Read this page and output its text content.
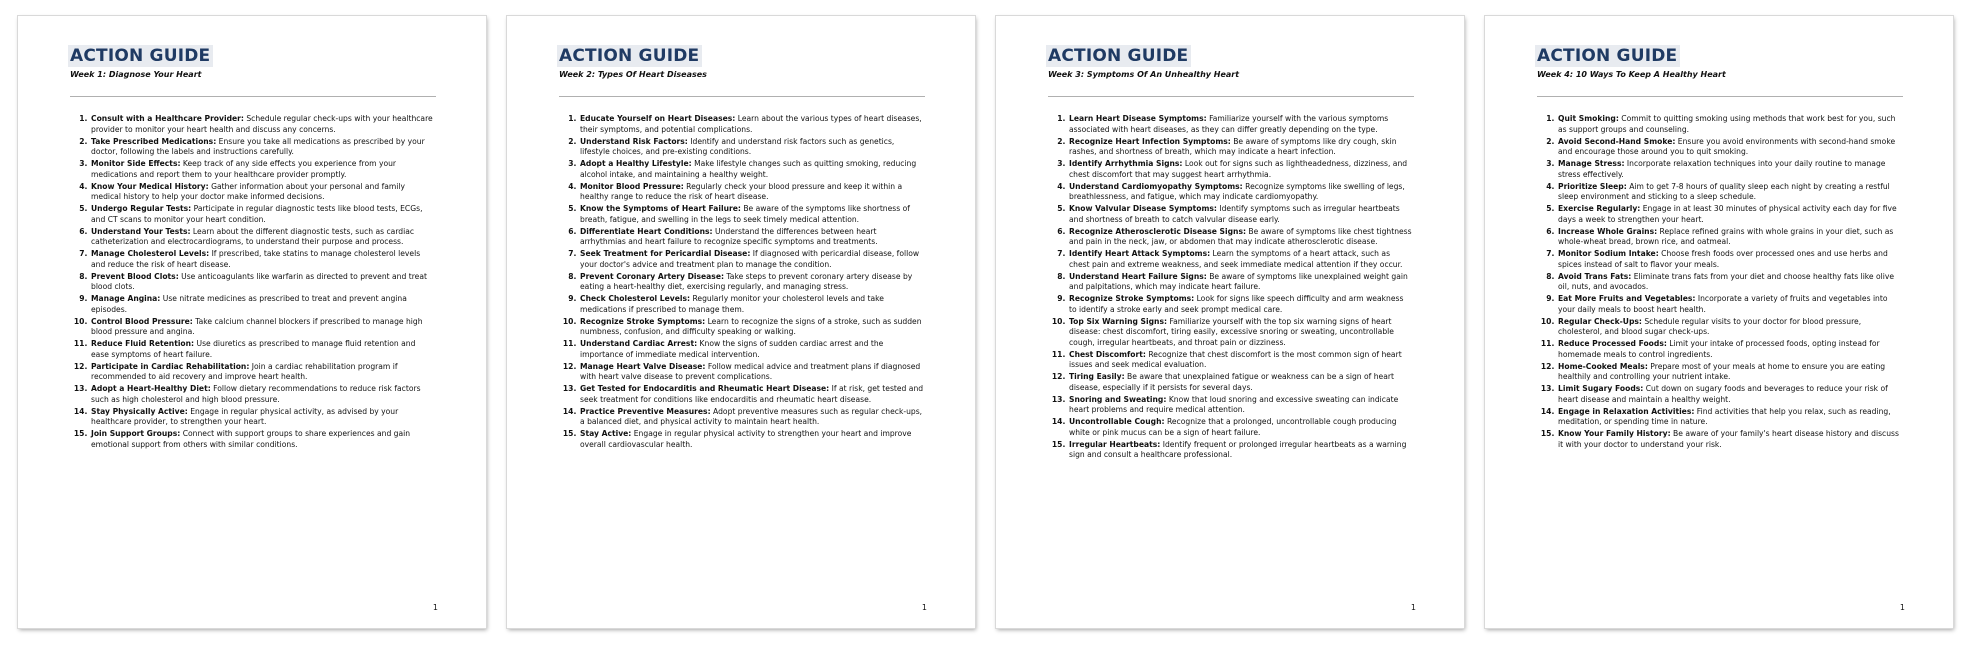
ACTION GUIDE
Week 1: Diagnose Your Heart
1. Consult with a Healthcare Provider: Schedule regular check-ups with your healthcare provider to monitor your heart health and discuss any concerns.
2. Take Prescribed Medications: Ensure you take all medications as prescribed by your doctor, following the labels and instructions carefully.
3. Monitor Side Effects: Keep track of any side effects you experience from your medications and report them to your healthcare provider promptly.
4. Know Your Medical History: Gather information about your personal and family medical history to help your doctor make informed decisions.
5. Undergo Regular Tests: Participate in regular diagnostic tests like blood tests, ECGs, and CT scans to monitor your heart condition.
6. Understand Your Tests: Learn about the different diagnostic tests, such as cardiac catheterization and electrocardiograms, to understand their purpose and process.
7. Manage Cholesterol Levels: If prescribed, take statins to manage cholesterol levels and reduce the risk of heart disease.
8. Prevent Blood Clots: Use anticoagulants like warfarin as directed to prevent and treat blood clots.
9. Manage Angina: Use nitrate medicines as prescribed to treat and prevent angina episodes.
10. Control Blood Pressure: Take calcium channel blockers if prescribed to manage high blood pressure and angina.
11. Reduce Fluid Retention: Use diuretics as prescribed to manage fluid retention and ease symptoms of heart failure.
12. Participate in Cardiac Rehabilitation: Join a cardiac rehabilitation program if recommended to aid recovery and improve heart health.
13. Adopt a Heart-Healthy Diet: Follow dietary recommendations to reduce risk factors such as high cholesterol and high blood pressure.
14. Stay Physically Active: Engage in regular physical activity, as advised by your healthcare provider, to strengthen your heart.
15. Join Support Groups: Connect with support groups to share experiences and gain emotional support from others with similar conditions.
1
ACTION GUIDE
Week 2: Types Of Heart Diseases
1. Educate Yourself on Heart Diseases: Learn about the various types of heart diseases, their symptoms, and potential complications.
2. Understand Risk Factors: Identify and understand risk factors such as genetics, lifestyle choices, and pre-existing conditions.
3. Adopt a Healthy Lifestyle: Make lifestyle changes such as quitting smoking, reducing alcohol intake, and maintaining a healthy weight.
4. Monitor Blood Pressure: Regularly check your blood pressure and keep it within a healthy range to reduce the risk of heart disease.
5. Know the Symptoms of Heart Failure: Be aware of the symptoms like shortness of breath, fatigue, and swelling in the legs to seek timely medical attention.
6. Differentiate Heart Conditions: Understand the differences between heart arrhythmias and heart failure to recognize specific symptoms and treatments.
7. Seek Treatment for Pericardial Disease: If diagnosed with pericardial disease, follow your doctor's advice and treatment plan to manage the condition.
8. Prevent Coronary Artery Disease: Take steps to prevent coronary artery disease by eating a heart-healthy diet, exercising regularly, and managing stress.
9. Check Cholesterol Levels: Regularly monitor your cholesterol levels and take medications if prescribed to manage them.
10. Recognize Stroke Symptoms: Learn to recognize the signs of a stroke, such as sudden numbness, confusion, and difficulty speaking or walking.
11. Understand Cardiac Arrest: Know the signs of sudden cardiac arrest and the importance of immediate medical intervention.
12. Manage Heart Valve Disease: Follow medical advice and treatment plans if diagnosed with heart valve disease to prevent complications.
13. Get Tested for Endocarditis and Rheumatic Heart Disease: If at risk, get tested and seek treatment for conditions like endocarditis and rheumatic heart disease.
14. Practice Preventive Measures: Adopt preventive measures such as regular check-ups, a balanced diet, and physical activity to maintain heart health.
15. Stay Active: Engage in regular physical activity to strengthen your heart and improve overall cardiovascular health.
1
ACTION GUIDE
Week 3: Symptoms Of An Unhealthy Heart
1. Learn Heart Disease Symptoms: Familiarize yourself with the various symptoms associated with heart diseases, as they can differ greatly depending on the type.
2. Recognize Heart Infection Symptoms: Be aware of symptoms like dry cough, skin rashes, and shortness of breath, which may indicate a heart infection.
3. Identify Arrhythmia Signs: Look out for signs such as lightheadedness, dizziness, and chest discomfort that may suggest heart arrhythmia.
4. Understand Cardiomyopathy Symptoms: Recognize symptoms like swelling of legs, breathlessness, and fatigue, which may indicate cardiomyopathy.
5. Know Valvular Disease Symptoms: Identify symptoms such as irregular heartbeats and shortness of breath to catch valvular disease early.
6. Recognize Atherosclerotic Disease Signs: Be aware of symptoms like chest tightness and pain in the neck, jaw, or abdomen that may indicate atherosclerotic disease.
7. Identify Heart Attack Symptoms: Learn the symptoms of a heart attack, such as chest pain and extreme weakness, and seek immediate medical attention if they occur.
8. Understand Heart Failure Signs: Be aware of symptoms like unexplained weight gain and palpitations, which may indicate heart failure.
9. Recognize Stroke Symptoms: Look for signs like speech difficulty and arm weakness to identify a stroke early and seek prompt medical care.
10. Top Six Warning Signs: Familiarize yourself with the top six warning signs of heart disease: chest discomfort, tiring easily, excessive snoring or sweating, uncontrollable cough, irregular heartbeats, and throat pain or dizziness.
11. Chest Discomfort: Recognize that chest discomfort is the most common sign of heart issues and seek medical evaluation.
12. Tiring Easily: Be aware that unexplained fatigue or weakness can be a sign of heart disease, especially if it persists for several days.
13. Snoring and Sweating: Know that loud snoring and excessive sweating can indicate heart problems and require medical attention.
14. Uncontrollable Cough: Recognize that a prolonged, uncontrollable cough producing white or pink mucus can be a sign of heart failure.
15. Irregular Heartbeats: Identify frequent or prolonged irregular heartbeats as a warning sign and consult a healthcare professional.
1
ACTION GUIDE
Week 4: 10 Ways To Keep A Healthy Heart
1. Quit Smoking: Commit to quitting smoking using methods that work best for you, such as support groups and counseling.
2. Avoid Second-Hand Smoke: Ensure you avoid environments with second-hand smoke and encourage those around you to quit smoking.
3. Manage Stress: Incorporate relaxation techniques into your daily routine to manage stress effectively.
4. Prioritize Sleep: Aim to get 7-8 hours of quality sleep each night by creating a restful sleep environment and sticking to a sleep schedule.
5. Exercise Regularly: Engage in at least 30 minutes of physical activity each day for five days a week to strengthen your heart.
6. Increase Whole Grains: Replace refined grains with whole grains in your diet, such as whole-wheat bread, brown rice, and oatmeal.
7. Monitor Sodium Intake: Choose fresh foods over processed ones and use herbs and spices instead of salt to flavor your meals.
8. Avoid Trans Fats: Eliminate trans fats from your diet and choose healthy fats like olive oil, nuts, and avocados.
9. Eat More Fruits and Vegetables: Incorporate a variety of fruits and vegetables into your daily meals to boost heart health.
10. Regular Check-Ups: Schedule regular visits to your doctor for blood pressure, cholesterol, and blood sugar check-ups.
11. Reduce Processed Foods: Limit your intake of processed foods, opting instead for homemade meals to control ingredients.
12. Home-Cooked Meals: Prepare most of your meals at home to ensure you are eating healthily and controlling your nutrient intake.
13. Limit Sugary Foods: Cut down on sugary foods and beverages to reduce your risk of heart disease and maintain a healthy weight.
14. Engage in Relaxation Activities: Find activities that help you relax, such as reading, meditation, or spending time in nature.
15. Know Your Family History: Be aware of your family's heart disease history and discuss it with your doctor to understand your risk.
1
